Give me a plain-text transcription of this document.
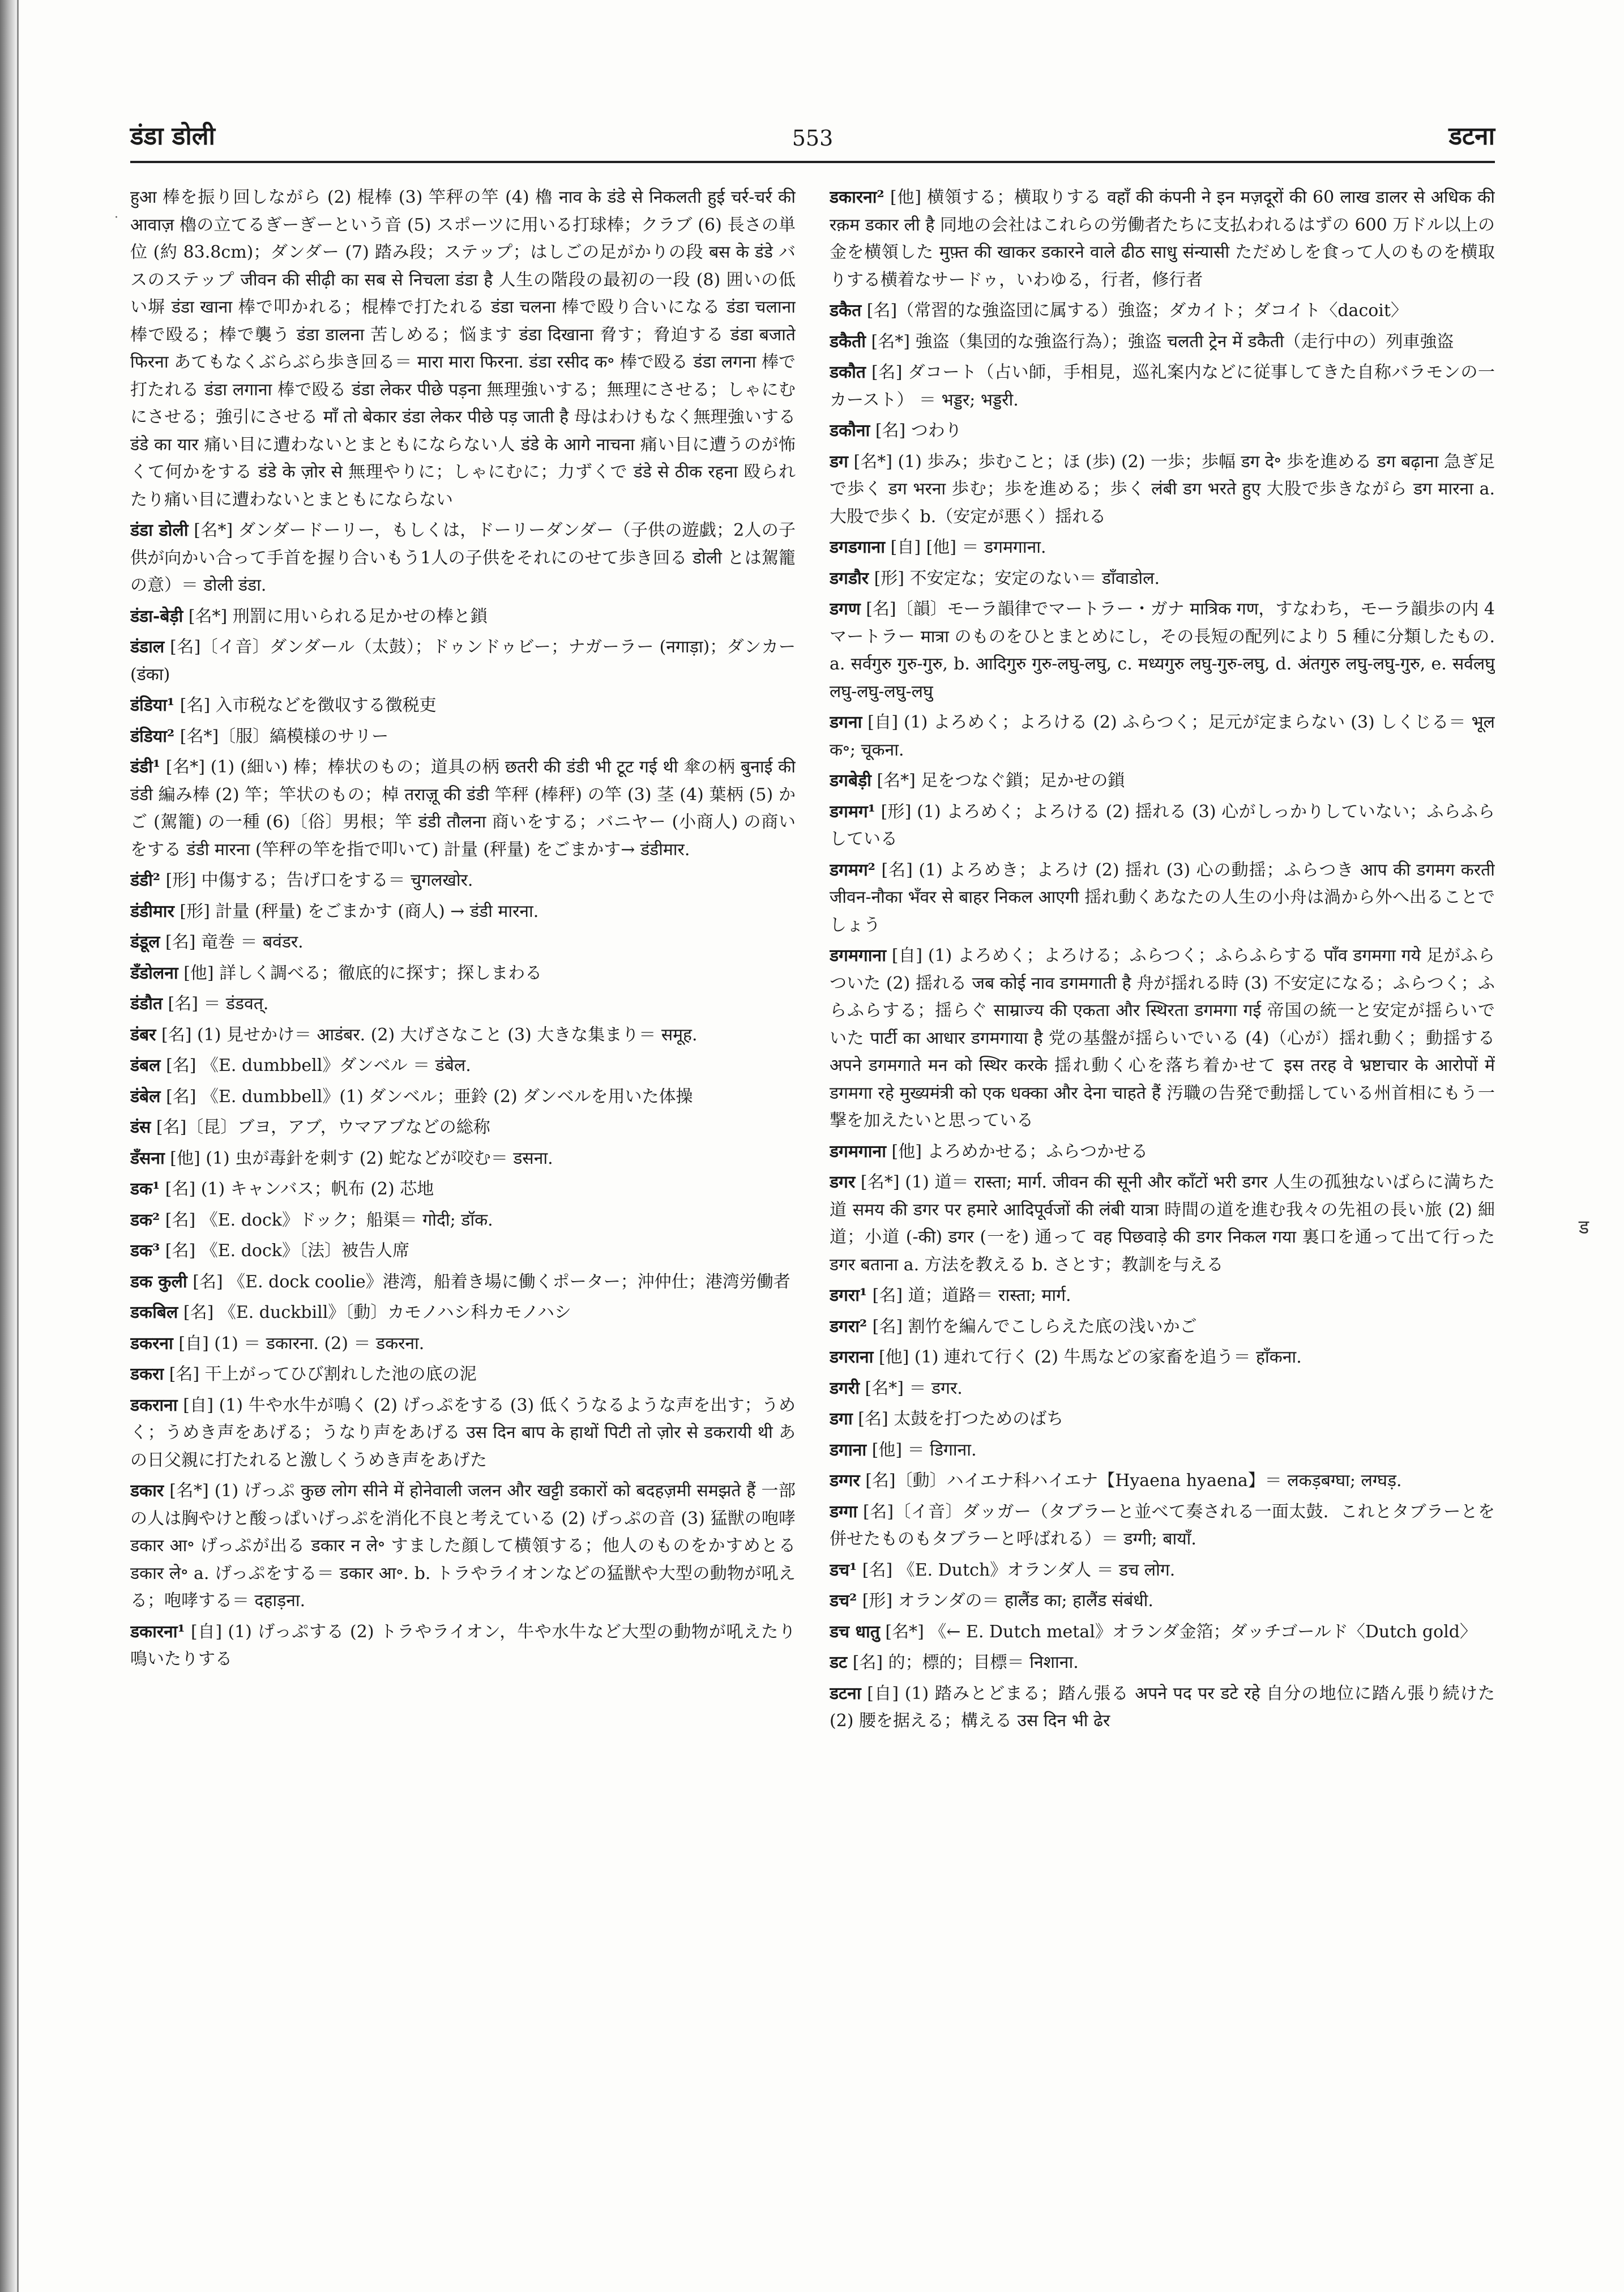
डंडा डोली	553	डटना
·

हुआ 棒を振り回しながら (2) 棍棒 (3) 竿秤の竿 (4) 櫓 नाव के डंडे से निकलती हुई चर्र-चर्र की आवाज़ 櫓の立てるぎーぎーという音 (5) スポーツに用いる打球棒；クラブ (6) 長さの単位 (約 83.8cm)；ダンダー (7) 踏み段；ステップ；はしごの足がかりの段 बस के डंडे バスのステップ जीवन की सीढ़ी का सब से निचला डंडा है 人生の階段の最初の一段 (8) 囲いの低い塀 डंडा खाना 棒で叩かれる；棍棒で打たれる डंडा चलना 棒で殴り合いになる डंडा चलाना 棒で殴る；棒で襲う डंडा डालना 苦しめる；悩ます डंडा दिखाना 脅す；脅迫する डंडा बजाते फिरना あてもなくぶらぶら歩き回る＝ मारा मारा फिरना. डंडा रसीद क॰ 棒で殴る डंडा लगना 棒で打たれる डंडा लगाना 棒で殴る डंडा लेकर पीछे पड़ना 無理強いする；無理にさせる；しゃにむにさせる；強引にさせる माँ तो बेकार डंडा लेकर पीछे पड़ जाती है 母はわけもなく無理強いする डंडे का यार 痛い目に遭わないとまともにならない人 डंडे के आगे नाचना 痛い目に遭うのが怖くて何かをする डंडे के ज़ोर से 無理やりに；しゃにむに；力ずくで डंडे से ठीक रहना 殴られたり痛い目に遭わないとまともにならない

डंडा डोली [名*] ダンダードーリー，もしくは，ドーリーダンダー（子供の遊戯；2人の子供が向かい合って手首を握り合いもう1人の子供をそれにのせて歩き回る डोली とは駕籠の意）＝ डोली डंडा.

डंडा-बेड़ी [名*] 刑罰に用いられる足かせの棒と鎖

डंडाल [名]〔イ音〕ダンダール（太鼓）；ドゥンドゥビー；ナガーラー (नगाड़ा)；ダンカー (डंका)

डंडिया¹ [名] 入市税などを徴収する徴税吏

डंडिया² [名*]〔服〕縞模様のサリー

डंडी¹ [名*] (1) (細い) 棒；棒状のもの；道具の柄 छतरी की डंडी भी टूट गई थी 傘の柄 बुनाई की डंडी 編み棒 (2) 竿；竿状のもの；棹 तराज़ू की डंडी 竿秤 (棒秤) の竿 (3) 茎 (4) 葉柄 (5) かご (駕籠) の一種 (6)〔俗〕男根；竿 डंडी तौलना 商いをする；バニヤー (小商人) の商いをする डंडी मारना (竿秤の竿を指で叩いて) 計量 (秤量) をごまかす→ डंडीमार.

डंडी² [形] 中傷する；告げ口をする＝ चुगलखोर.

डंडीमार [形] 計量 (秤量) をごまかす (商人) → डंडी मारना.

डंडूल [名] 竜巻 ＝ बवंडर.

डँडोलना [他] 詳しく調べる；徹底的に探す；探しまわる

डंडौत [名] ＝ डंडवत्.

डंबर [名] (1) 見せかけ＝ आडंबर. (2) 大げさなこと (3) 大きな集まり＝ समूह.

डंबल [名] 《E. dumbbell》ダンベル ＝ डंबेल.

डंबेल [名] 《E. dumbbell》(1) ダンベル；亜鈴 (2) ダンベルを用いた体操

डंस [名]〔昆〕ブヨ，アブ，ウマアブなどの総称

डँसना [他] (1) 虫が毒針を刺す (2) 蛇などが咬む＝ डसना.

डक¹ [名] (1) キャンバス；帆布 (2) 芯地

डक² [名] 《E. dock》ドック；船渠＝ गोदी; डॉक.

डक³ [名] 《E. dock》〔法〕被告人席

डक कुली [名] 《E. dock coolie》港湾，船着き場に働くポーター；沖仲仕；港湾労働者

डकबिल [名] 《E. duckbill》〔動〕カモノハシ科カモノハシ

डकरना [自] (1) ＝ डकारना. (2) ＝ डकरना.

डकरा [名] 干上がってひび割れした池の底の泥

डकराना [自] (1) 牛や水牛が鳴く (2) げっぷをする (3) 低くうなるような声を出す；うめく；うめき声をあげる；うなり声をあげる उस दिन बाप के हाथों पिटी तो ज़ोर से डकरायी थी あの日父親に打たれると激しくうめき声をあげた

डकार [名*] (1) げっぷ कुछ लोग सीने में होनेवाली जलन और खट्टी डकारों को बदहज़मी समझते हैं 一部の人は胸やけと酸っぱいげっぷを消化不良と考えている (2) げっぷの音 (3) 猛獣の咆哮 डकार आ॰ げっぷが出る डकार न ले॰ すました顔して横領する；他人のものをかすめとる डकार ले॰ a. げっぷをする＝ डकार आ॰. b. トラやライオンなどの猛獣や大型の動物が吼える；咆哮する＝ दहाड़ना.

डकारना¹ [自] (1) げっぷする (2) トラやライオン，牛や水牛など大型の動物が吼えたり鳴いたりする

डकारना² [他] 横領する；横取りする वहाँ की कंपनी ने इन मज़दूरों की 60 लाख डालर से अधिक की रक़म डकार ली है 同地の会社はこれらの労働者たちに支払われるはずの 600 万ドル以上の金を横領した मुफ़्त की खाकर डकारने वाले ढीठ साधु संन्यासी ただめしを食って人のものを横取りする横着なサードゥ，いわゆる，行者，修行者

डकैत [名]（常習的な強盗団に属する）強盗；ダカイト；ダコイト〈dacoit〉

डकैती [名*] 強盗（集団的な強盗行為）；強盗 चलती ट्रेन में डकैती（走行中の）列車強盗

डकौत [名] ダコート（占い師，手相見，巡礼案内などに従事してきた自称バラモンの一カースト） ＝ भड्डर; भड्डरी.

डकौना [名] つわり

डग [名*] (1) 歩み；歩むこと；ほ (歩) (2) 一歩；歩幅 डग दे॰ 歩を進める डग बढ़ाना 急ぎ足で歩く डग भरना 歩む；歩を進める；歩く लंबी डग भरते हुए 大股で歩きながら डग मारना a. 大股で歩く b.（安定が悪く）揺れる

डगडगाना [自] [他] ＝ डगमगाना.

डगडौर [形] 不安定な；安定のない＝ डाँवाडोल.

डगण [名]〔韻〕モーラ韻律でマートラー・ガナ मात्रिक गण，すなわち，モーラ韻歩の内 4 マートラー मात्रा のものをひとまとめにし，その長短の配列により 5 種に分類したもの. a. सर्वगुरु गुरु-गुरु, b. आदिगुरु गुरु-लघु-लघु, c. मध्यगुरु लघु-गुरु-लघु, d. अंतगुरु लघु-लघु-गुरु, e. सर्वलघु लघु-लघु-लघु-लघु

डगना [自] (1) よろめく；よろける (2) ふらつく；足元が定まらない (3) しくじる＝ भूल क॰; चूकना.

डगबेड़ी [名*] 足をつなぐ鎖；足かせの鎖

डगमग¹ [形] (1) よろめく；よろける (2) 揺れる (3) 心がしっかりしていない；ふらふらしている

डगमग² [名] (1) よろめき；よろけ (2) 揺れ (3) 心の動揺；ふらつき आप की डगमग करती जीवन-नौका भँवर से बाहर निकल आएगी 揺れ動くあなたの人生の小舟は渦から外へ出ることでしょう

डगमगाना [自] (1) よろめく；よろける；ふらつく；ふらふらする पाँव डगमगा गये 足がふらついた (2) 揺れる जब कोई नाव डगमगाती है 舟が揺れる時 (3) 不安定になる；ふらつく；ふらふらする；揺らぐ साम्राज्य की एकता और स्थिरता डगमगा गई 帝国の統一と安定が揺らいでいた पार्टी का आधार डगमगाया है 党の基盤が揺らいでいる (4)（心が）揺れ動く；動揺する अपने डगमगाते मन को स्थिर करके 揺れ動く心を落ち着かせて इस तरह वे भ्रष्टाचार के आरोपों में डगमगा रहे मुख्यमंत्री को एक धक्का और देना चाहते हैं 汚職の告発で動揺している州首相にもう一撃を加えたいと思っている

डगमगाना [他] よろめかせる；ふらつかせる

डगर [名*] (1) 道＝ रास्ता; मार्ग. जीवन की सूनी और काँटों भरी डगर 人生の孤独ないばらに満ちた道 समय की डगर पर हमारे आदिपूर्वजों की लंबी यात्रा 時間の道を進む我々の先祖の長い旅 (2) 細道；小道 (-की) डगर (一を) 通って वह पिछवाड़े की डगर निकल गया 裏口を通って出て行った डगर बताना a. 方法を教える b. さとす；教訓を与える

डगरा¹ [名] 道；道路＝ रास्ता; मार्ग.

डगरा² [名] 割竹を編んでこしらえた底の浅いかご

डगराना [他] (1) 連れて行く (2) 牛馬などの家畜を追う＝ हाँकना.

डगरी [名*] ＝ डगर.

डगा [名] 太鼓を打つためのばち

डगाना [他] ＝ डिगाना.

डग्गर [名]〔動〕ハイエナ科ハイエナ【Hyaena hyaena】＝ लकड़बग्घा; लग्घड़.

डग्गा [名]〔イ音〕ダッガー（タブラーと並べて奏される一面太鼓．これとタブラーとを併せたものもタブラーと呼ばれる）＝ डग्गी; बायाँ.

डच¹ [名] 《E. Dutch》オランダ人 ＝ डच लोग.

डच² [形] オランダの＝ हालैंड का; हालैंड संबंधी.

डच धातु [名*] 《← E. Dutch metal》オランダ金箔；ダッチゴールド〈Dutch gold〉

डट [名] 的；標的；目標＝ निशाना.

डटना [自] (1) 踏みとどまる；踏ん張る अपने पद पर डटे रहे 自分の地位に踏ん張り続けた (2) 腰を据える；構える उस दिन भी ढेर

ड
